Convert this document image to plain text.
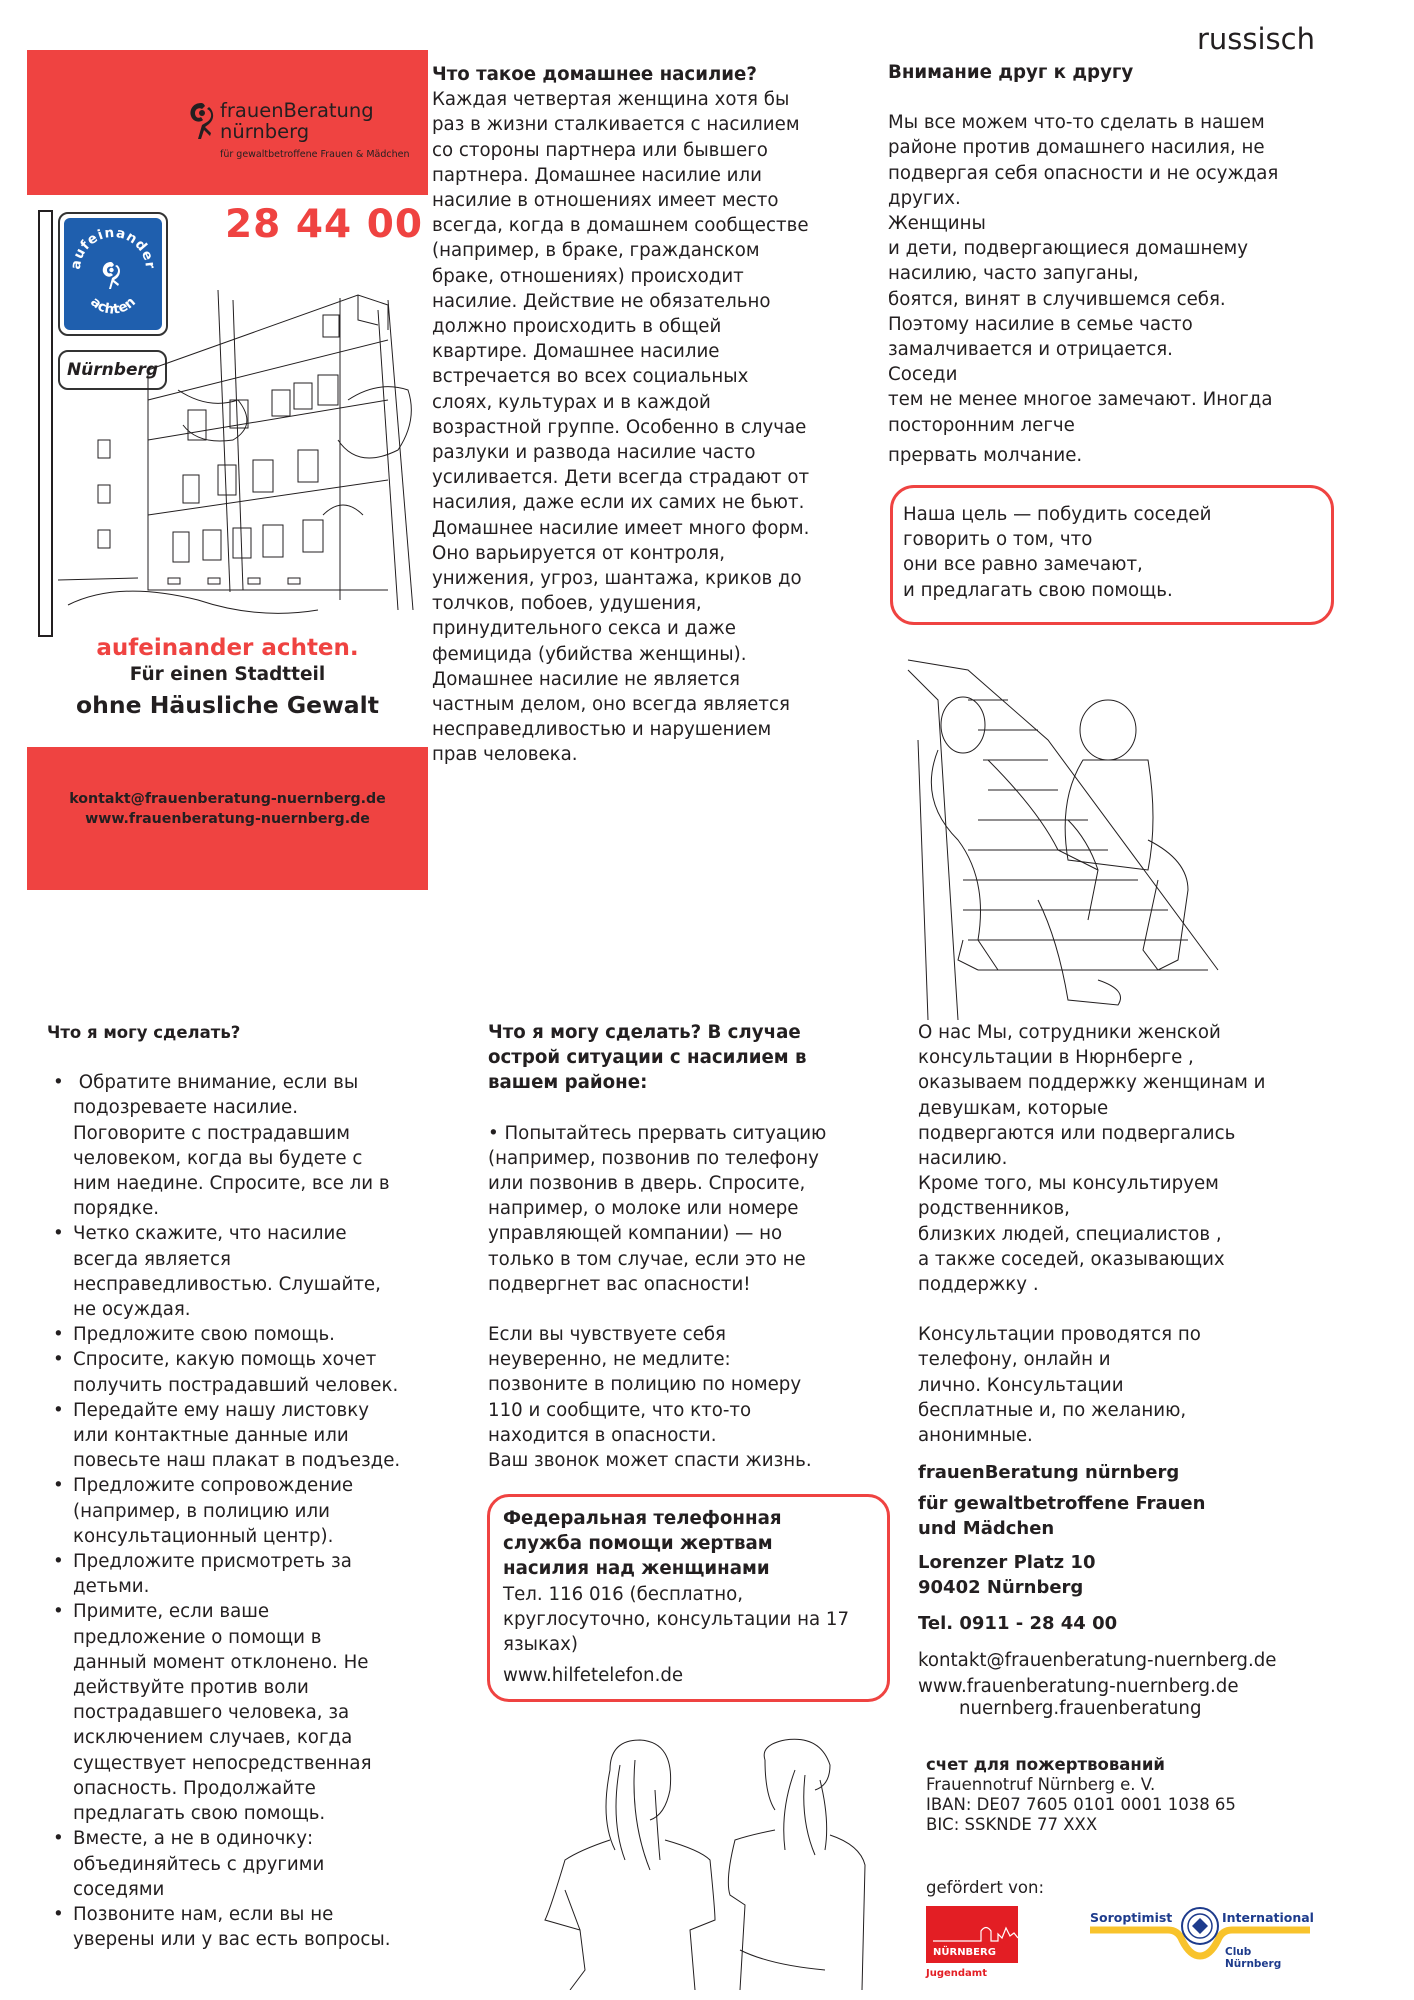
russisch
frauenBeratung
nürnberg
für gewaltbetroffene Frauen & Mädchen
28 44 00
aufeinander
achten
Nürnberg
aufeinander achten.
Für einen Stadtteil
ohne Häusliche Gewalt
kontakt@frauenberatung-nuernberg.de
www.frauenberatung-nuernberg.de
Что такое домашнее насилие?
Каждая четвертая женщина хотя бы
раз в жизни сталкивается с насилием
со стороны партнера или бывшего
партнера. Домашнее насилие или
насилие в отношениях имеет место
всегда, когда в домашнем сообществе
(например, в браке, гражданском
браке, отношениях) происходит
насилие. Действие не обязательно
должно происходить в общей
квартире. Домашнее насилие
встречается во всех социальных
слоях, культурах и в каждой
возрастной группе. Особенно в случае
разлуки и развода насилие часто
усиливается. Дети всегда страдают от
насилия, даже если их самих не бьют.
Домашнее насилие имеет много форм.
Оно варьируется от контроля,
унижения, угроз, шантажа, криков до
толчков, побоев, удушения,
принудительного секса и даже
фемицида (убийства женщины).
Домашнее насилие не является
частным делом, оно всегда является
несправедливостью и нарушением
прав человека.
Внимание друг к другу
Мы все можем что-то сделать в нашем
районе против домашнего насилия, не
подвергая себя опасности и не осуждая
других.
Женщины
и дети, подвергающиеся домашнему
насилию, часто запуганы,
боятся, винят в случившемся себя.
Поэтому насилие в семье часто
замалчивается и отрицается.
Соседи
тем не менее многое замечают. Иногда
посторонним легче
прервать молчание.
Наша цель — побудить соседей
говорить о том, что
они все равно замечают,
и предлагать свою помощь.
Что я могу сделать?
• Обратите внимание, если вы
подозреваете насилие.
Поговорите с пострадавшим
человеком, когда вы будете с
ним наедине. Спросите, все ли в
порядке.
• Четко скажите, что насилие
всегда является
несправедливостью. Слушайте,
не осуждая.
• Предложите свою помощь.
• Спросите, какую помощь хочет
получить пострадавший человек.
• Передайте ему нашу листовку
или контактные данные или
повесьте наш плакат в подъезде.
• Предложите сопровождение
(например, в полицию или
консультационный центр).
• Предложите присмотреть за
детьми.
• Примите, если ваше
предложение о помощи в
данный момент отклонено. Не
действуйте против воли
пострадавшего человека, за
исключением случаев, когда
существует непосредственная
опасность. Продолжайте
предлагать свою помощь.
• Вместе, а не в одиночку:
объединяйтесь с другими
соседями
• Позвоните нам, если вы не
уверены или у вас есть вопросы.
Что я могу сделать? В случае
острой ситуации с насилием в
вашем районе:
• Попытайтесь прервать ситуацию
(например, позвонив по телефону
или позвонив в дверь. Спросите,
например, о молоке или номере
управляющей компании) — но
только в том случае, если это не
подвергнет вас опасности!
Если вы чувствуете себя
неуверенно, не медлите:
позвоните в полицию по номеру
110 и сообщите, что кто-то
находится в опасности.
Ваш звонок может спасти жизнь.
Федеральная телефонная
служба помощи жертвам
насилия над женщинами
Тел. 116 016 (бесплатно,
круглосуточно, консультации на 17
языках)
www.hilfetelefon.de
О нас Мы, сотрудники женской
консультации в Нюрнберге ,
оказываем поддержку женщинам и
девушкам, которые
подвергаются или подвергались
насилию.
Кроме того, мы консультируем
родственников,
близких людей, специалистов ,
а также соседей, оказывающих
поддержку .
Консультации проводятся по
телефону, онлайн и
лично. Консультации
бесплатные и, по желанию,
анонимные.
frauenBeratung nürnberg
für gewaltbetroffene Frauen
und Mädchen
Lorenzer Platz 10
90402 Nürnberg
Tel. 0911 - 28 44 00
kontakt@frauenberatung-nuernberg.de
www.frauenberatung-nuernberg.de
nuernberg.frauenberatung
счет для пожертвований
Frauennotruf Nürnberg e. V.
IBAN: DE07 7605 0101 0001 1038 65
BIC: SSKNDE 77 XXX
gefördert von:
NÜRNBERG
Jugendamt
Soroptimist	International
Club Nürnberg
